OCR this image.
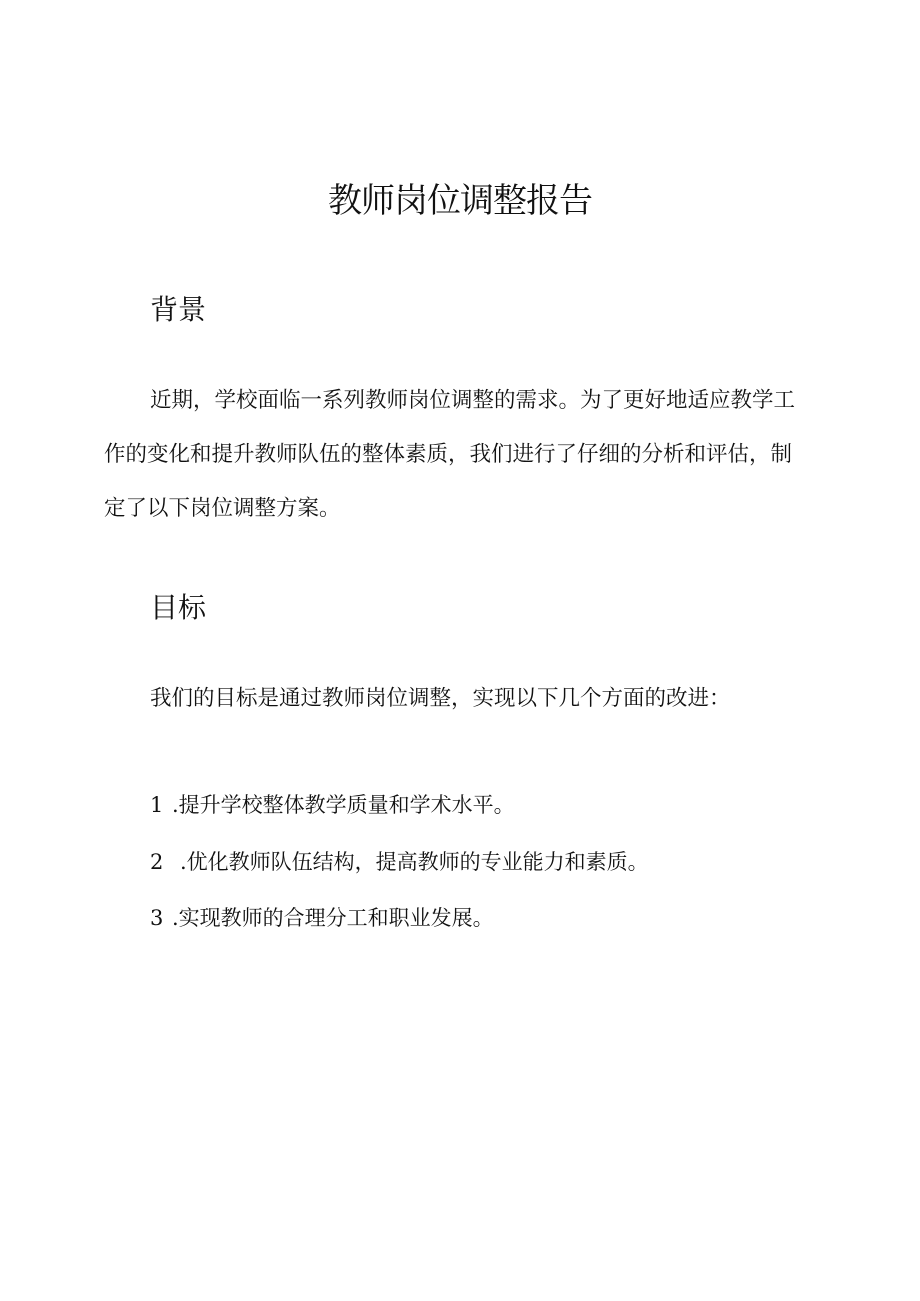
教师岗位调整报告
背景

近期，学校面临一系列教师岗位调整的需求。为了更好地适应教学工作的变化和提升教师队伍的整体素质，我们进行了仔细的分析和评估，制定了以下岗位调整方案。

目标

我们的目标是通过教师岗位调整，实现以下几个方面的改进：

1 .提升学校整体教学质量和学术水平。
2 .优化教师队伍结构，提高教师的专业能力和素质。
3 .实现教师的合理分工和职业发展。
